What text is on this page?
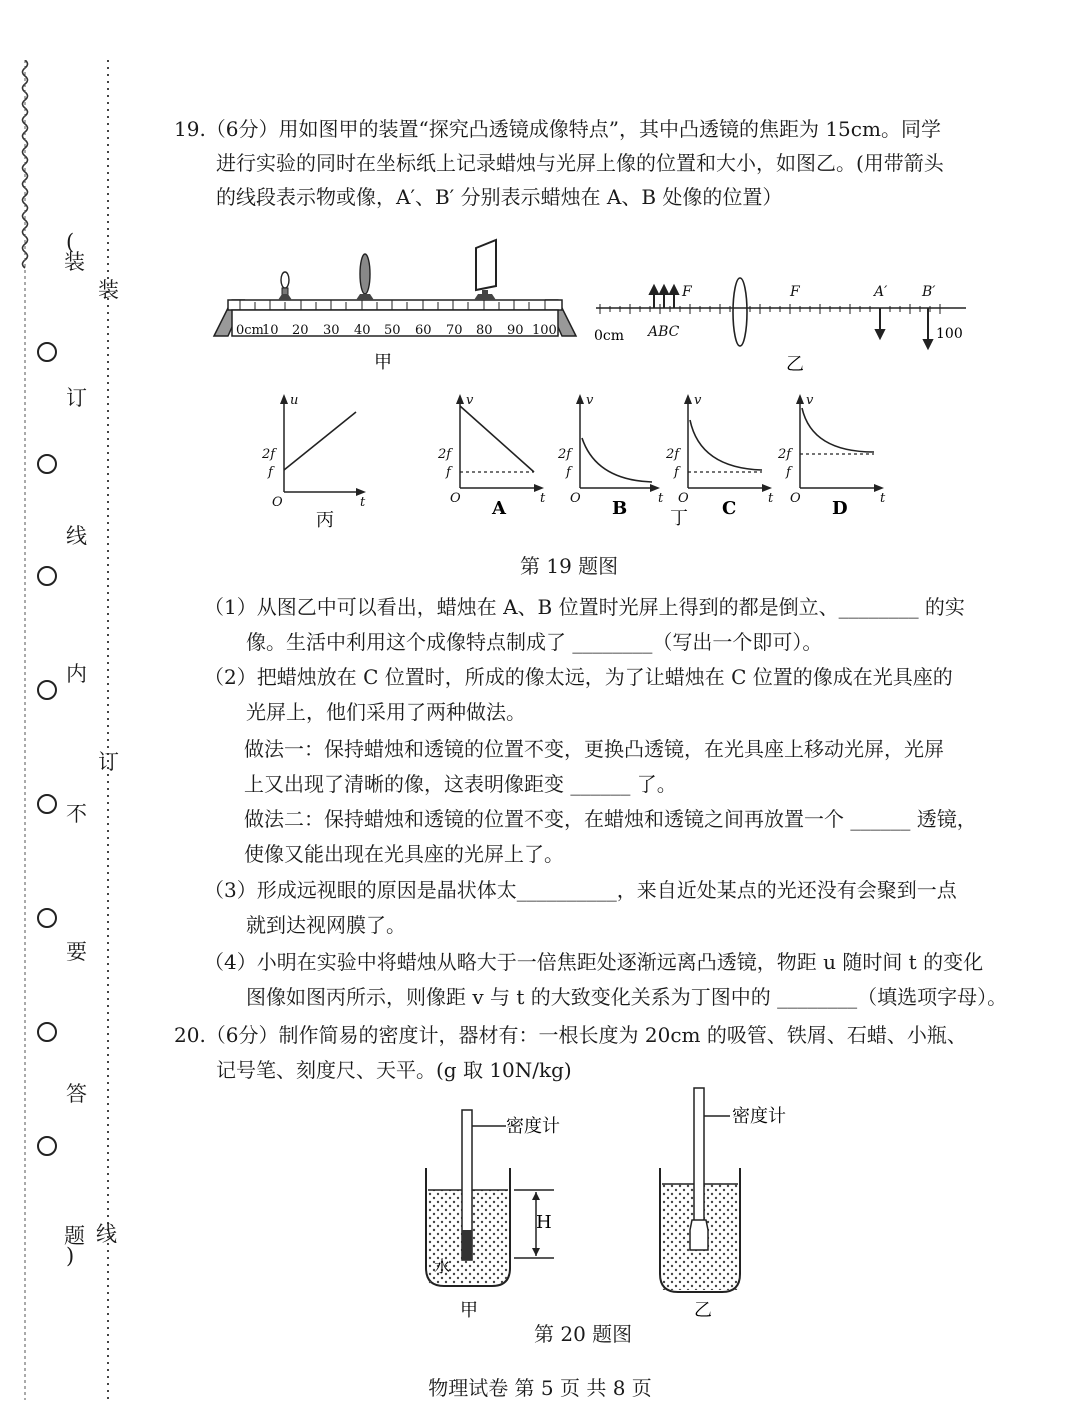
(
装
订
线
内
不
要
答
题
)
装
订
线
19.（6分）用如图甲的装置“探究凸透镜成像特点”，其中凸透镜的焦距为 15cm。同学
进行实验的同时在坐标纸上记录蜡烛与光屏上像的位置和大小，如图乙。(用带箭头
的线段表示物或像，A′、B′ 分别表示蜡烛在 A、B 处像的位置）
0cm
10 20 30 40 50 60 70 80 90 100
甲
F	F	A′ B′
ABC
0cm	100
乙
u
t
O
2f
f
丙
v
t
O
2f
f
A
v
t
O
2f
f
B
v
t
O
2f
f
C
丁
v
t
O
2f
f
D
第 19 题图
（1）从图乙中可以看出，蜡烛在 A、B 位置时光屏上得到的都是倒立、________ 的实
像。生活中利用这个成像特点制成了 ________（写出一个即可）。
（2）把蜡烛放在 C 位置时，所成的像太远，为了让蜡烛在 C 位置的像成在光具座的
光屏上，他们采用了两种做法。
做法一：保持蜡烛和透镜的位置不变，更换凸透镜，在光具座上移动光屏，光屏
上又出现了清晰的像，这表明像距变 ______ 了。
做法二：保持蜡烛和透镜的位置不变，在蜡烛和透镜之间再放置一个 ______ 透镜，
使像又能出现在光具座的光屏上了。
（3）形成远视眼的原因是晶状体太__________，来自近处某点的光还没有会聚到一点
就到达视网膜了。
（4）小明在实验中将蜡烛从略大于一倍焦距处逐渐远离凸透镜，物距 u 随时间 t 的变化
图像如图丙所示，则像距 v 与 t 的大致变化关系为丁图中的 ________（填选项字母）。
20.（6分）制作简易的密度计，器材有：一根长度为 20cm 的吸管、铁屑、石蜡、小瓶、
记号笔、刻度尺、天平。(g 取 10N/kg)
密度计
H
水
甲
密度计
乙
第 20 题图
物理试卷 第 5 页 共 8 页
